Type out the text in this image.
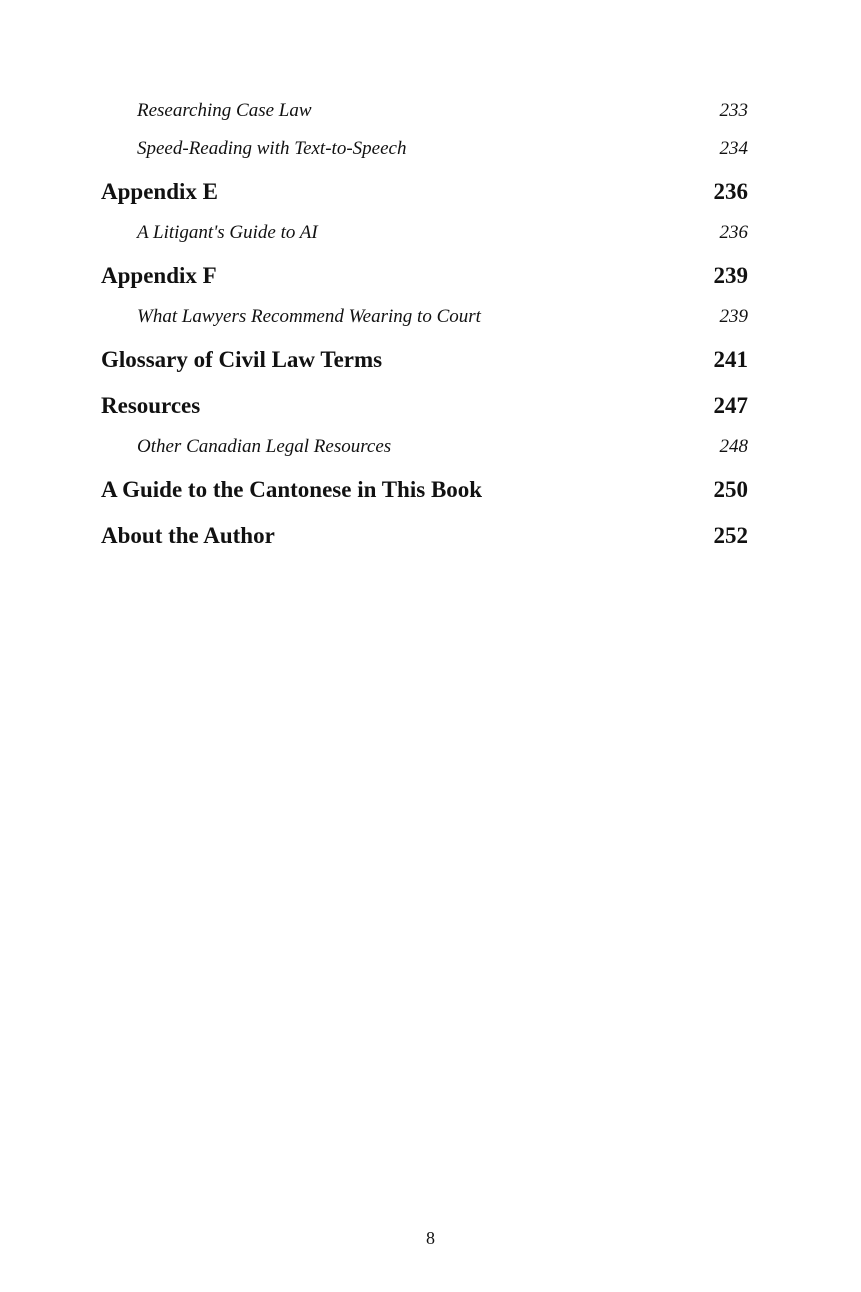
Researching Case Law	233
Speed-Reading with Text-to-Speech	234
Appendix E	236
A Litigant's Guide to AI	236
Appendix F	239
What Lawyers Recommend Wearing to Court	239
Glossary of Civil Law Terms	241
Resources	247
Other Canadian Legal Resources	248
A Guide to the Cantonese in This Book	250
About the Author	252
8
